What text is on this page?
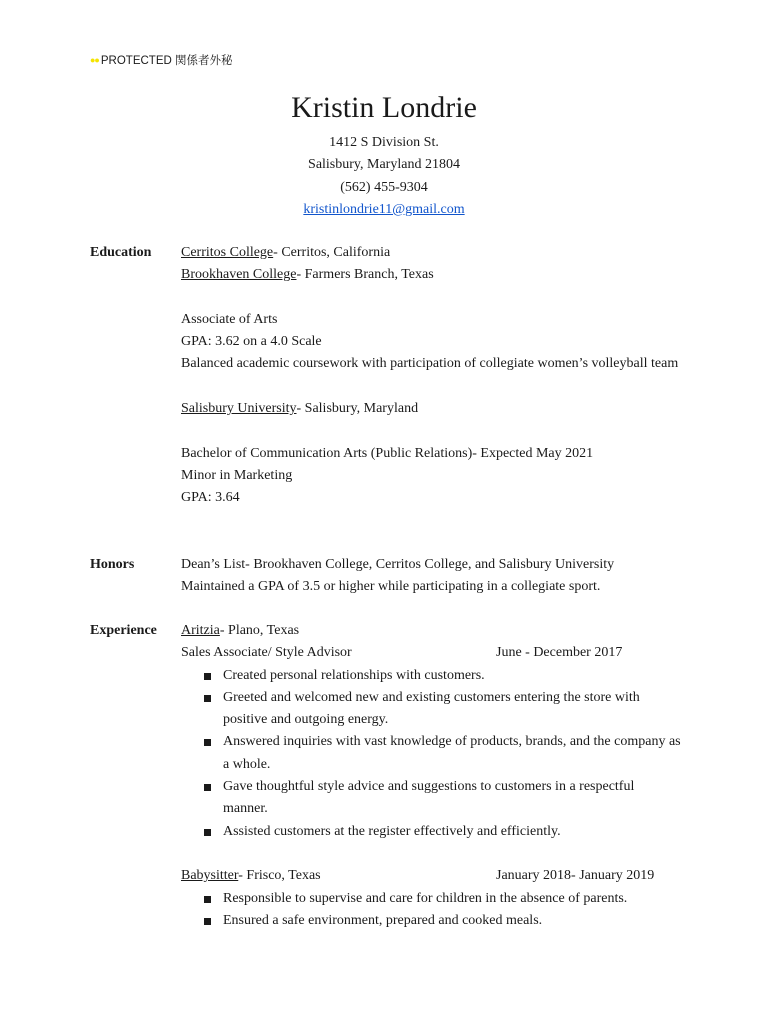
●● PROTECTED 関係者外秘
Kristin Londrie
1412 S Division St.
Salisbury, Maryland 21804
(562) 455-9304
kristinlondrie11@gmail.com
Education Cerritos College- Cerritos, California
Brookhaven College- Farmers Branch, Texas
Associate of Arts
GPA: 3.62 on a 4.0 Scale
Balanced academic coursework with participation of collegiate women’s volleyball team
Salisbury University- Salisbury, Maryland
Bachelor of Communication Arts (Public Relations)- Expected May 2021
Minor in Marketing
GPA: 3.64
Honors	Dean’s List- Brookhaven College, Cerritos College, and Salisbury University
Maintained a GPA of 3.5 or higher while participating in a collegiate sport.
Experience Aritzia- Plano, Texas
Sales Associate/ Style Advisor	June - December 2017
Created personal relationships with customers.
Greeted and welcomed new and existing customers entering the store with positive and outgoing energy.
Answered inquiries with vast knowledge of products, brands, and the company as a whole.
Gave thoughtful style advice and suggestions to customers in a respectful manner.
Assisted customers at the register effectively and efficiently.
Babysitter- Frisco, Texas	January 2018- January 2019
Responsible to supervise and care for children in the absence of parents.
Ensured a safe environment, prepared and cooked meals.
